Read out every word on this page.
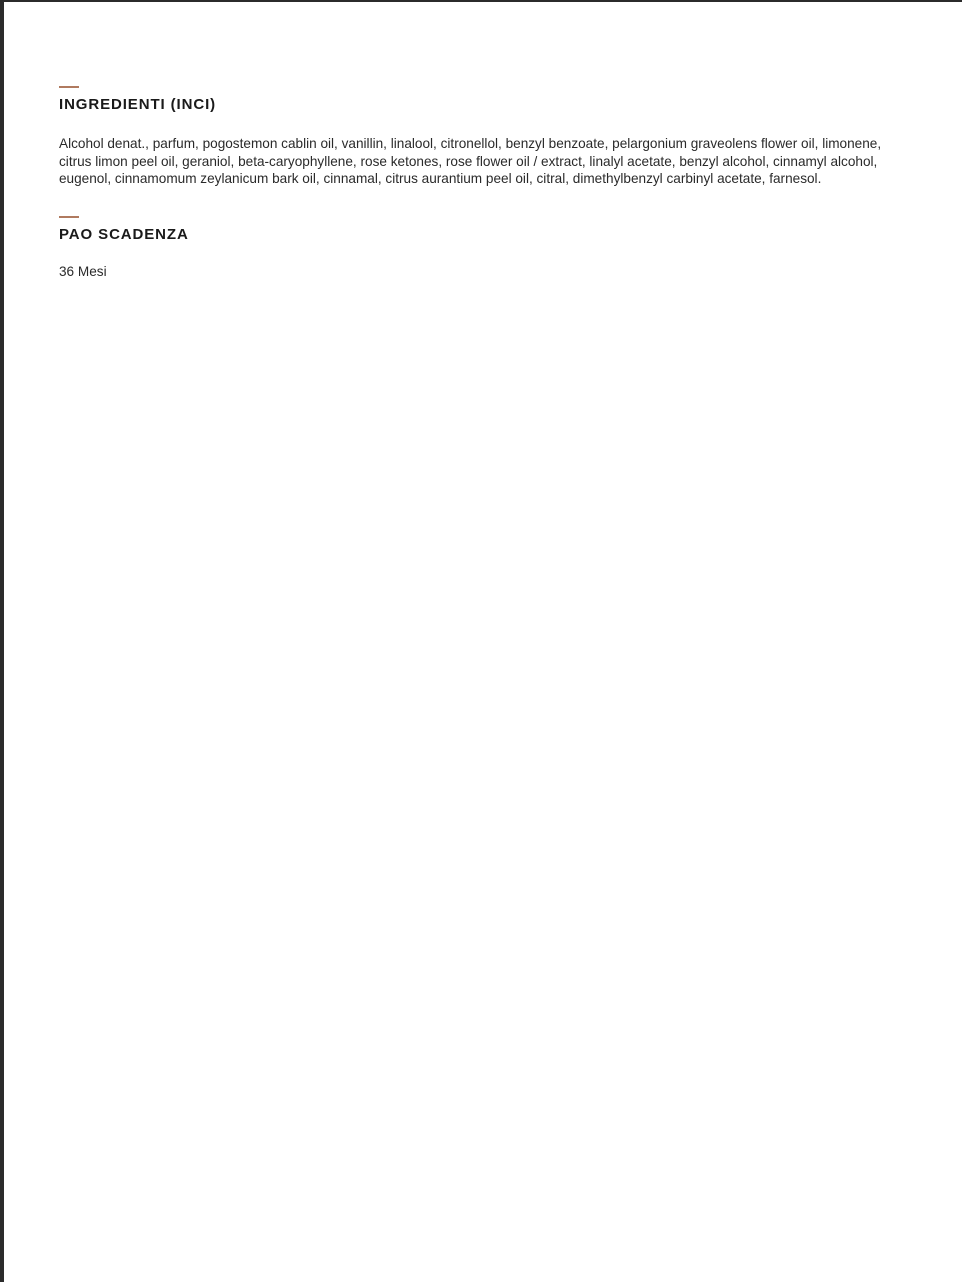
INGREDIENTI (INCI)

Alcohol denat., parfum, pogostemon cablin oil, vanillin, linalool, citronellol, benzyl benzoate, pelargonium graveolens flower oil, limonene, citrus limon peel oil, geraniol, beta-caryophyllene, rose ketones, rose flower oil / extract, linalyl acetate, benzyl alcohol, cinnamyl alcohol, eugenol, cinnamomum zeylanicum bark oil, cinnamal, citrus aurantium peel oil, citral, dimethylbenzyl carbinyl acetate, farnesol.

PAO SCADENZA

36 Mesi
